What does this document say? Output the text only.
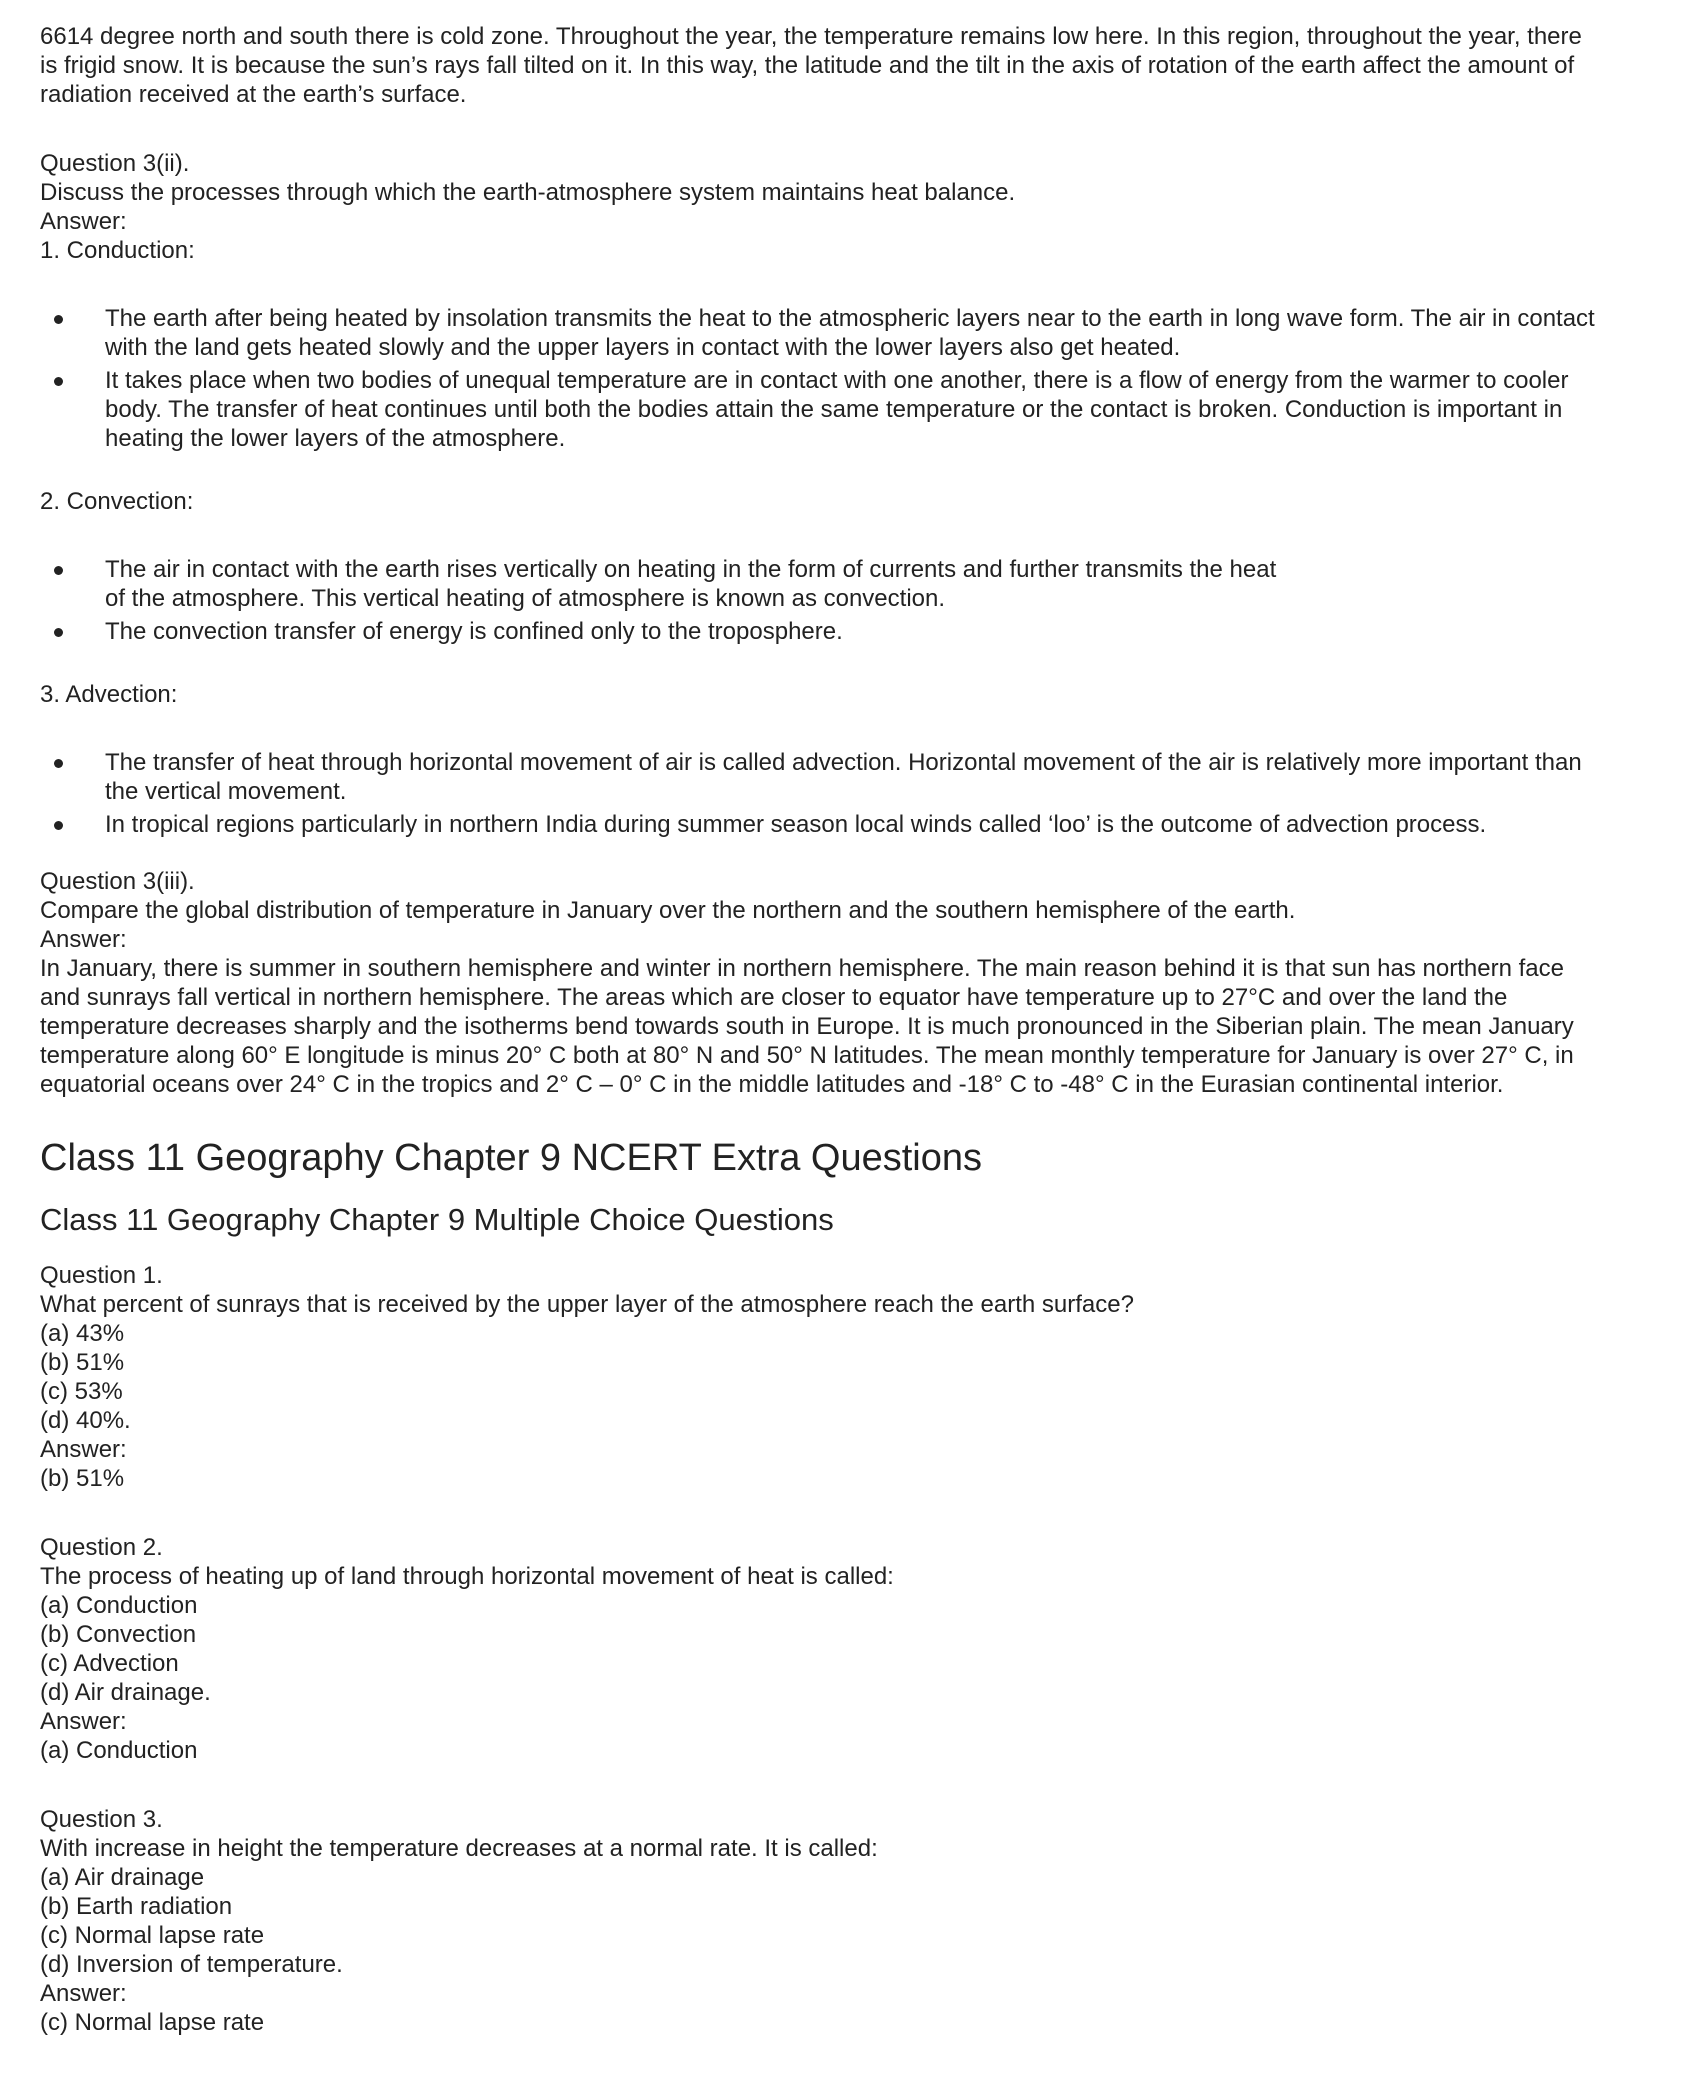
6614 degree north and south there is cold zone. Throughout the year, the temperature remains low here. In this region, throughout the year, there
is frigid snow. It is because the sun’s rays fall tilted on it. In this way, the latitude and the tilt in the axis of rotation of the earth affect the amount of
radiation received at the earth’s surface.

Question 3(ii).
Discuss the processes through which the earth-atmosphere system maintains heat balance.
Answer:
1. Conduction:
The earth after being heated by insolation transmits the heat to the atmospheric layers near to the earth in long wave form. The air in contact
with the land gets heated slowly and the upper layers in contact with the lower layers also get heated.
It takes place when two bodies of unequal temperature are in contact with one another, there is a flow of energy from the warmer to cooler
body. The transfer of heat continues until both the bodies attain the same temperature or the contact is broken. Conduction is important in
heating the lower layers of the atmosphere.
2. Convection:
The air in contact with the earth rises vertically on heating in the form of currents and further transmits the heat
of the atmosphere. This vertical heating of atmosphere is known as convection.
The convection transfer of energy is confined only to the troposphere.
3. Advection:
The transfer of heat through horizontal movement of air is called advection. Horizontal movement of the air is relatively more important than
the vertical movement.
In tropical regions particularly in northern India during summer season local winds called ‘loo’ is the outcome of advection process.
Question 3(iii).
Compare the global distribution of temperature in January over the northern and the southern hemisphere of the earth.
Answer:

In January, there is summer in southern hemisphere and winter in northern hemisphere. The main reason behind it is that sun has northern face
and sunrays fall vertical in northern hemisphere. The areas which are closer to equator have temperature up to 27°C and over the land the
temperature decreases sharply and the isotherms bend towards south in Europe. It is much pronounced in the Siberian plain. The mean January
temperature along 60° E longitude is minus 20° C both at 80° N and 50° N latitudes. The mean monthly temperature for January is over 27° C, in
equatorial oceans over 24° C in the tropics and 2° C – 0° C in the middle latitudes and -18° C to -48° C in the Eurasian continental interior.

Class 11 Geography Chapter 9 NCERT Extra Questions
Class 11 Geography Chapter 9 Multiple Choice Questions
Question 1.
What percent of sunrays that is received by the upper layer of the atmosphere reach the earth surface?
(a) 43%
(b) 51%
(c) 53%
(d) 40%.
Answer:
(b) 51%
Question 2.
The process of heating up of land through horizontal movement of heat is called:
(a) Conduction
(b) Convection
(c) Advection
(d) Air drainage.
Answer:
(a) Conduction
Question 3.
With increase in height the temperature decreases at a normal rate. It is called:
(a) Air drainage
(b) Earth radiation
(c) Normal lapse rate
(d) Inversion of temperature.
Answer:
(c) Normal lapse rate
